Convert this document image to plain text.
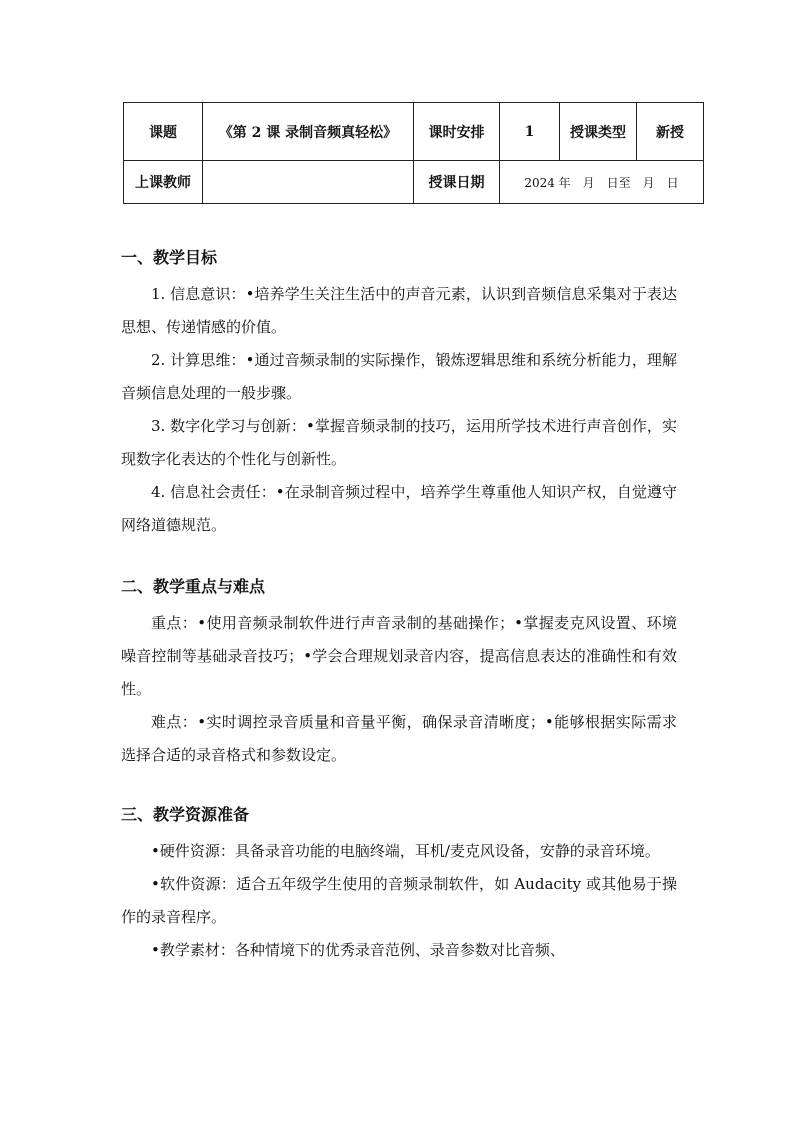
课题	《第 2 课 录制音频真轻松》	课时安排	1	授课类型	新授
上课教师		授课日期	2024 年　月　日至　月　日		
一、教学目标

1. 信息意识：•培养学生关注生活中的声音元素，认识到音频信息采集对于表达思想、传递情感的价值。

2. 计算思维：•通过音频录制的实际操作，锻炼逻辑思维和系统分析能力，理解音频信息处理的一般步骤。

3. 数字化学习与创新：•掌握音频录制的技巧，运用所学技术进行声音创作，实现数字化表达的个性化与创新性。

4. 信息社会责任：•在录制音频过程中，培养学生尊重他人知识产权，自觉遵守网络道德规范。

二、教学重点与难点

重点：•使用音频录制软件进行声音录制的基础操作；•掌握麦克风设置、环境噪音控制等基础录音技巧；•学会合理规划录音内容，提高信息表达的准确性和有效性。

难点：•实时调控录音质量和音量平衡，确保录音清晰度；•能够根据实际需求选择合适的录音格式和参数设定。

三、教学资源准备

•硬件资源：具备录音功能的电脑终端，耳机/麦克风设备，安静的录音环境。

•软件资源：适合五年级学生使用的音频录制软件，如 Audacity 或其他易于操作的录音程序。

•教学素材：各种情境下的优秀录音范例、录音参数对比音频、
